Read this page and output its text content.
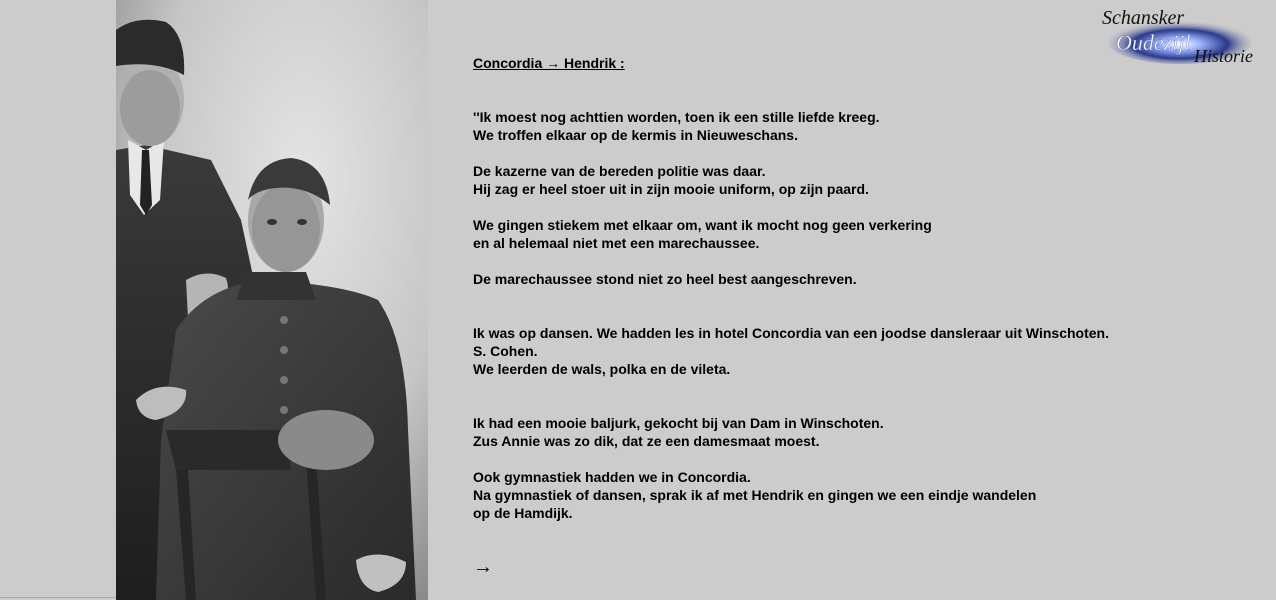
Schansker
Oudezijl
Historie
Concordia → Hendrik :
''Ik moest nog achttien worden, toen ik een stille liefde kreeg.
We troffen elkaar op de kermis in Nieuweschans.
De kazerne van de bereden politie was daar.
Hij zag er heel stoer uit in zijn mooie uniform, op zijn paard.
We gingen stiekem met elkaar om, want ik mocht nog geen verkering
en al helemaal niet met een marechaussee.
De marechaussee stond niet zo heel best aangeschreven.
Ik was op dansen. We hadden les in hotel Concordia van een joodse dansleraar uit Winschoten.
S. Cohen.
We leerden de wals, polka en de vileta.
Ik had een mooie baljurk, gekocht bij van Dam in Winschoten.
Zus Annie was zo dik, dat ze een damesmaat moest.
Ook gymnastiek hadden we in Concordia.
Na gymnastiek of dansen, sprak ik af met Hendrik en gingen we een eindje wandelen
op de Hamdijk.
→
